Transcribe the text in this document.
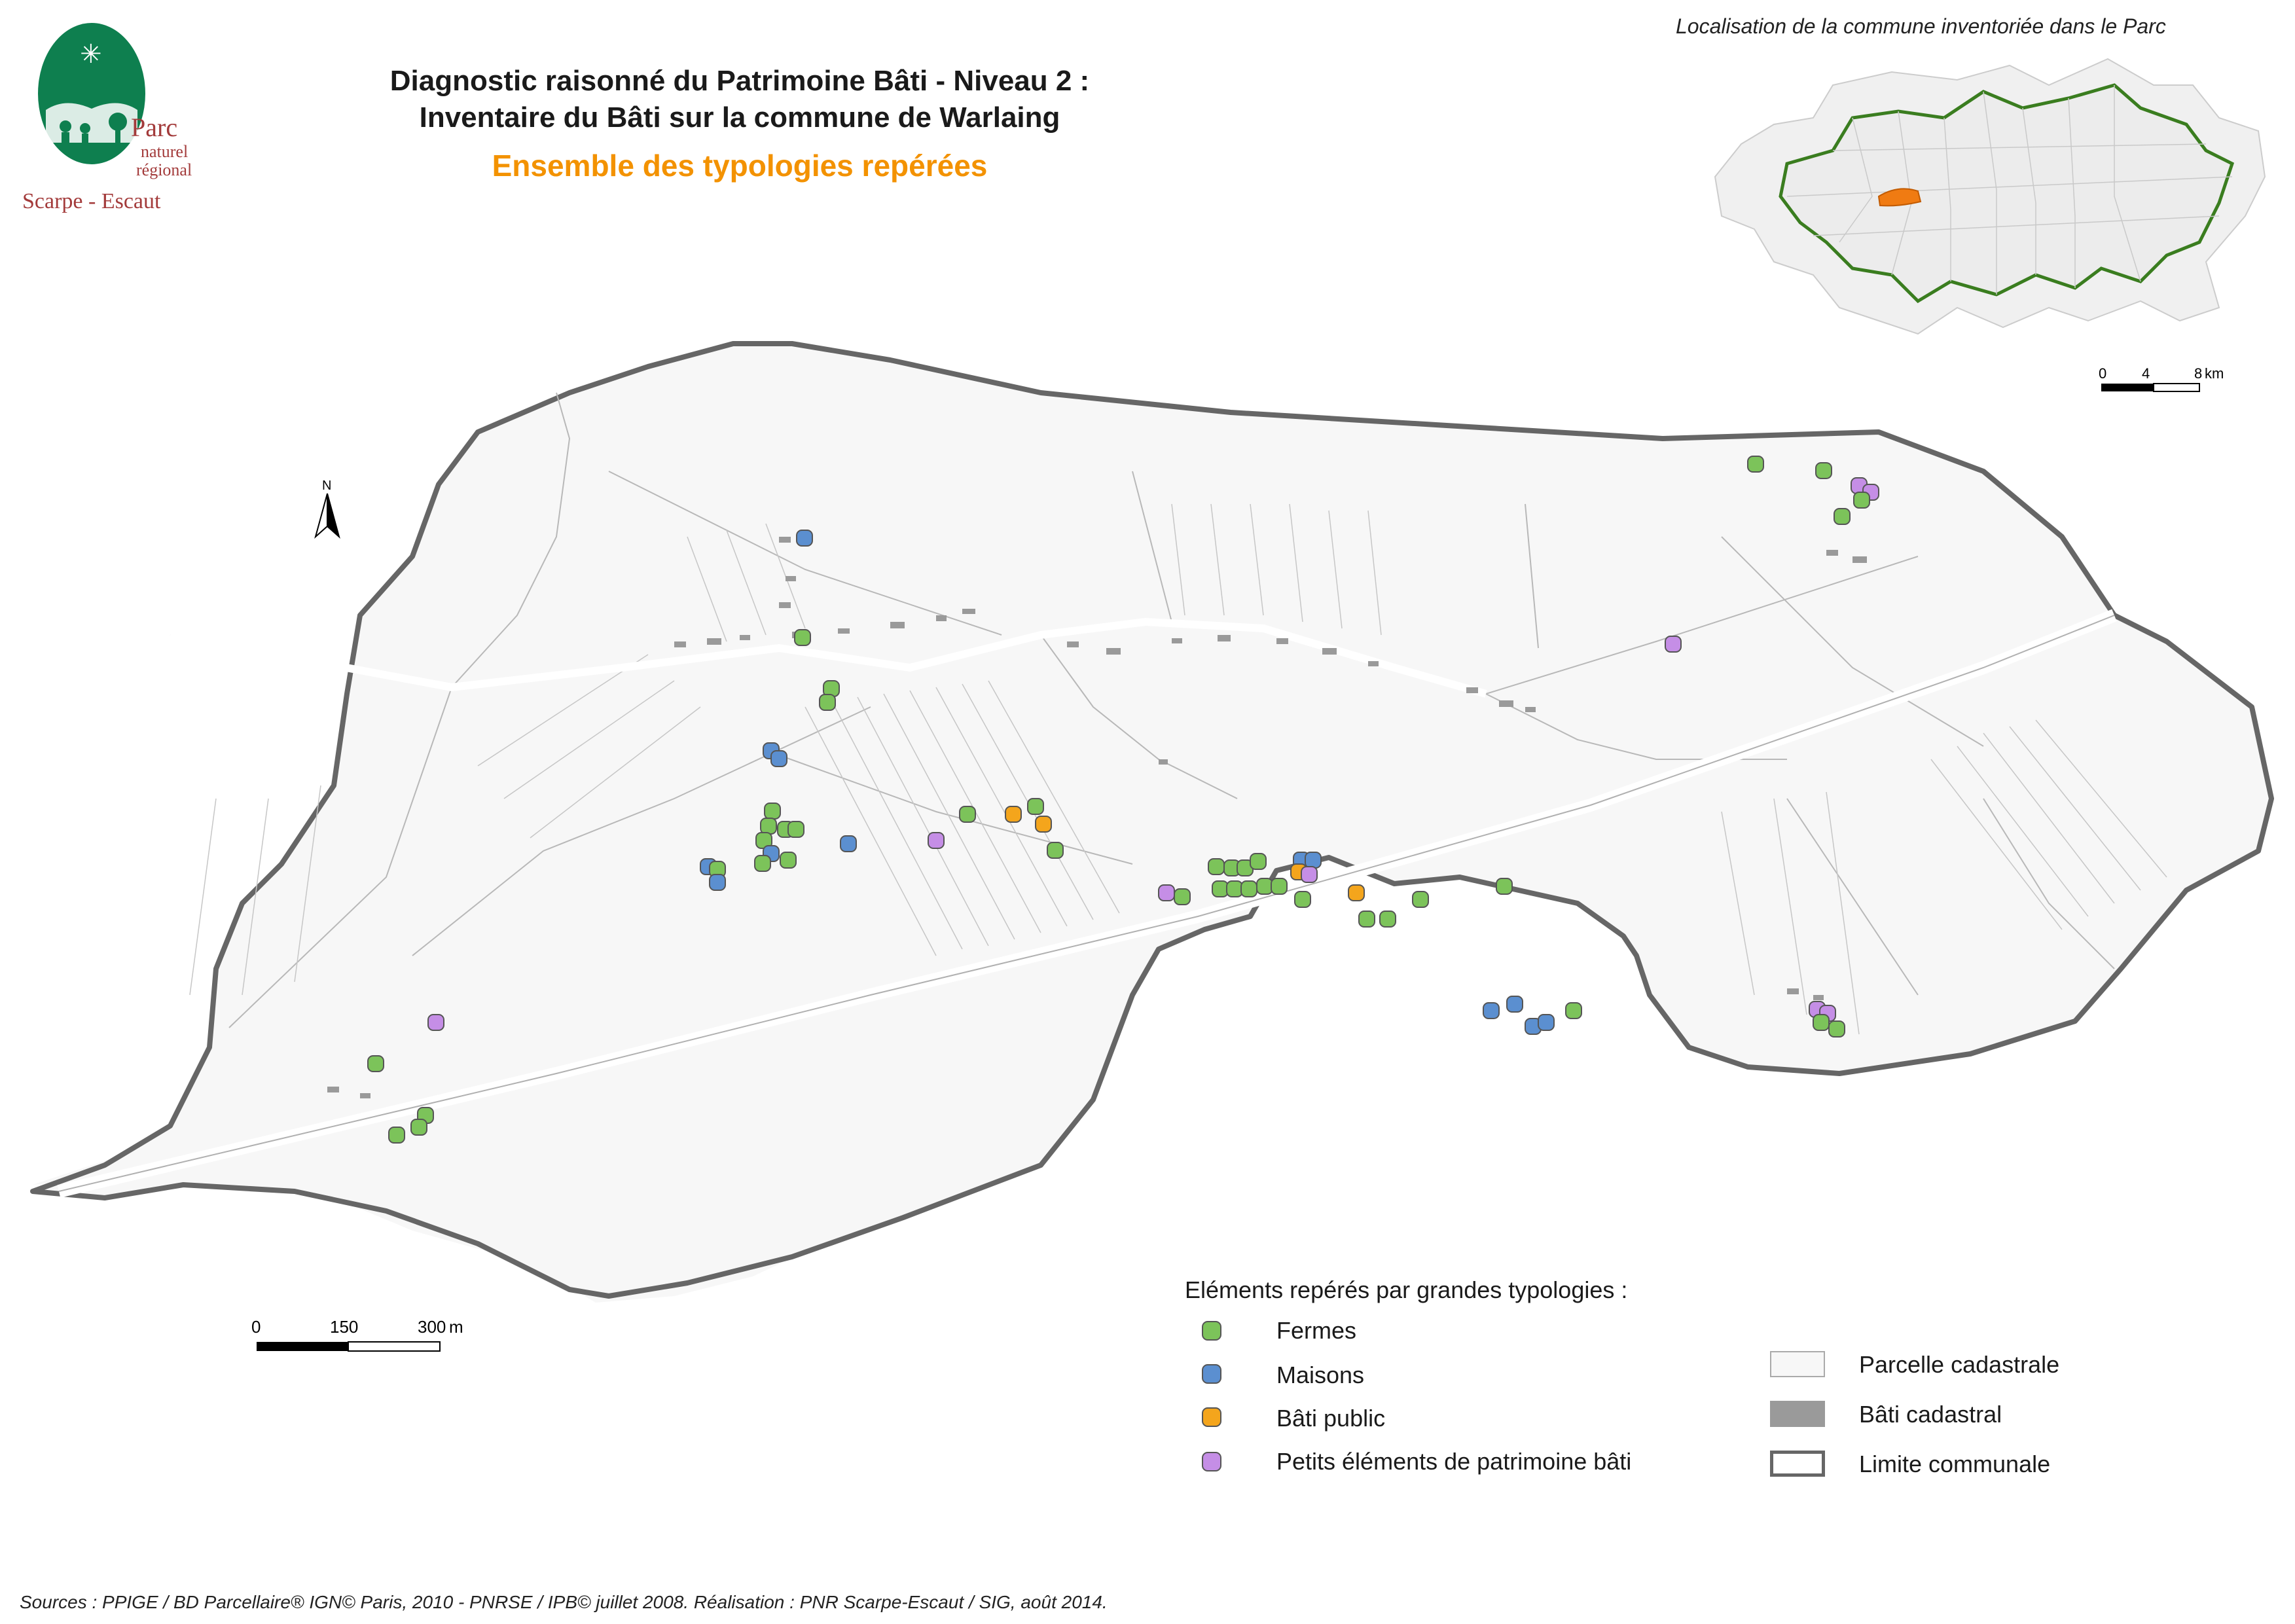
✳
Parc
naturel
régional
Scarpe - Escaut
Diagnostic raisonné du Patrimoine Bâti - Niveau 2 :
Inventaire du Bâti sur la commune de Warlaing
Ensemble des typologies repérées
Localisation de la commune inventoriée dans le Parc
0 4	8 km
N
0	150	300 m
Eléments repérés par grandes typologies :
Fermes
Maisons
Bâti public
Petits éléments de patrimoine bâti
Parcelle cadastrale
Bâti cadastral
Limite communale
Sources : PPIGE / BD Parcellaire® IGN© Paris, 2010 - PNRSE / IPB© juillet 2008. Réalisation : PNR Scarpe-Escaut / SIG, août 2014.
